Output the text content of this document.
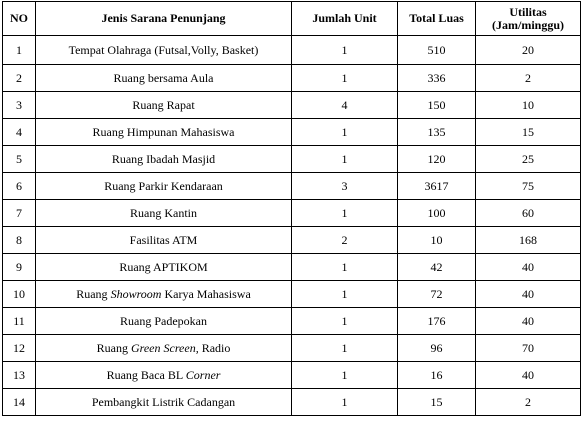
NO	Jenis Sarana Penunjang	Jumlah Unit	Total Luas	Utilitas
(Jam/minggu)

1	Tempat Olahraga (Futsal,Volly, Basket)	1	510	20
2	Ruang bersama Aula	1	336	2
3	Ruang Rapat	4	150	10
4	Ruang Himpunan Mahasiswa	1	135	15
5	Ruang Ibadah Masjid	1	120	25
6	Ruang Parkir Kendaraan	3	3617	75
7	Ruang Kantin	1	100	60
8	Fasilitas ATM	2	10	168
9	Ruang APTIKOM	1	42	40
10	Ruang Showroom Karya Mahasiswa	1	72	40
11	Ruang Padepokan	1	176	40
12	Ruang Green Screen, Radio	1	96	70
13	Ruang Baca BL Corner	1	16	40
14	Pembangkit Listrik Cadangan	1	15	2
